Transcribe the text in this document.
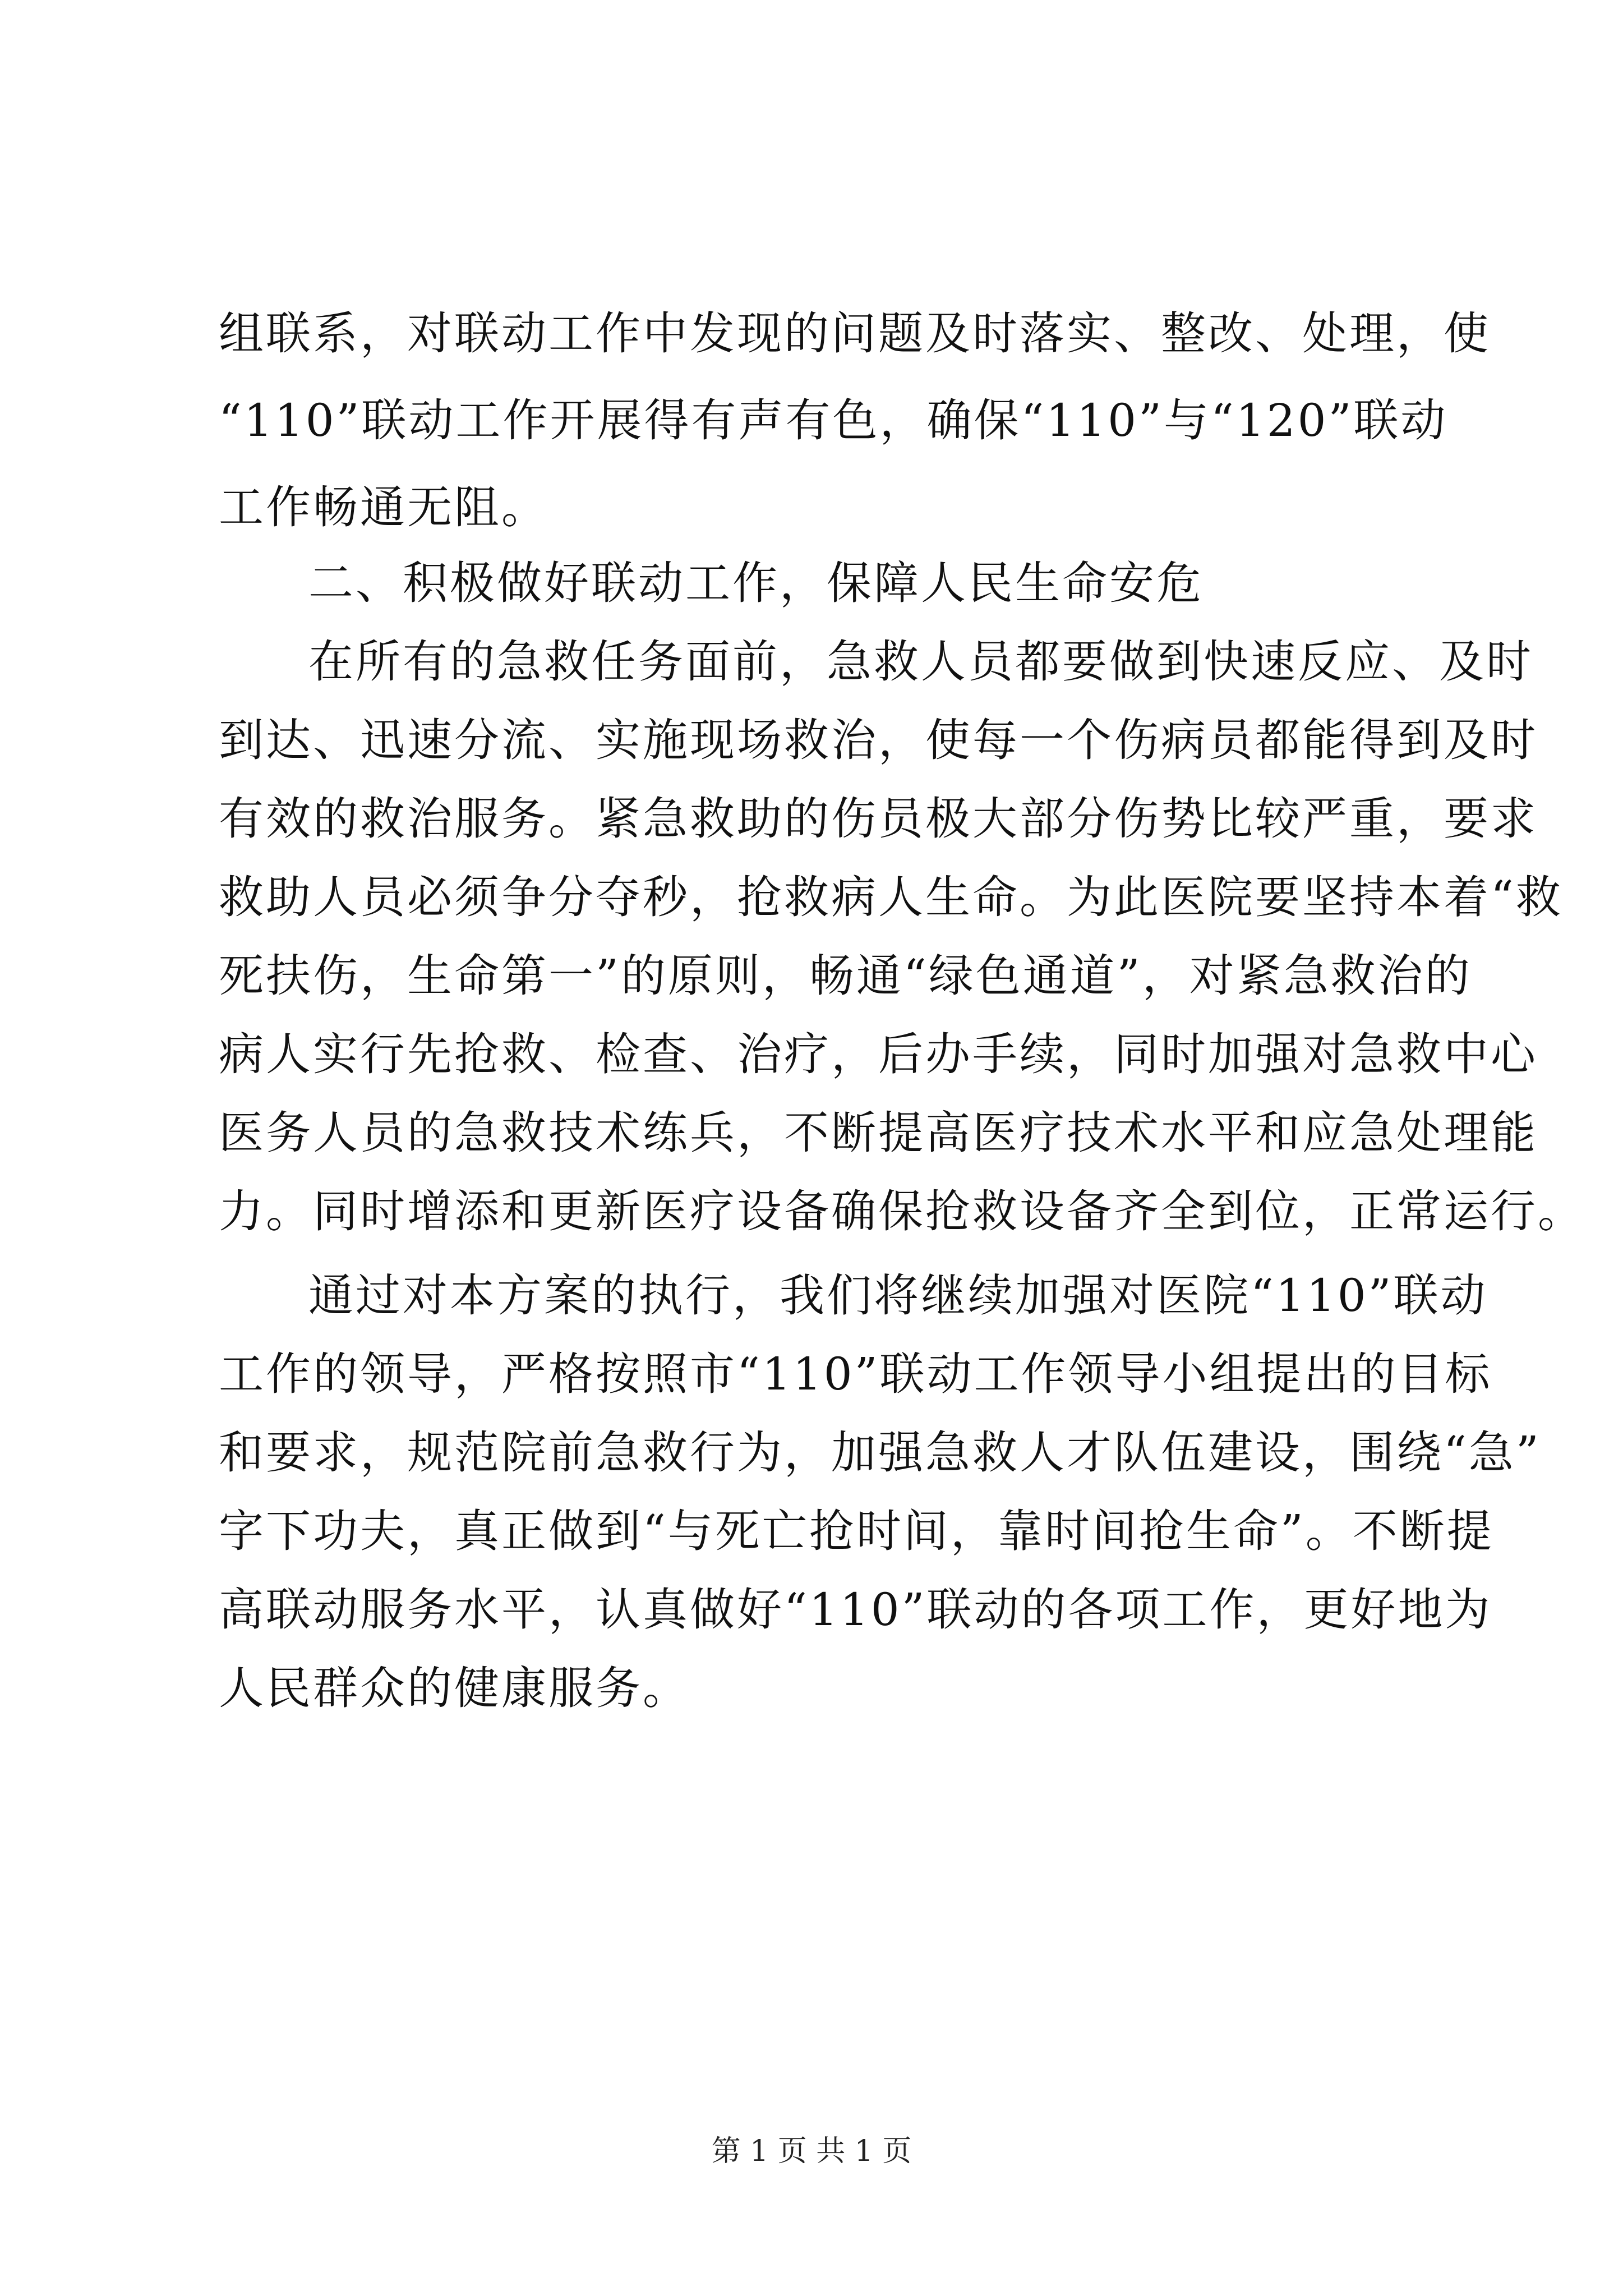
组联系，对联动工作中发现的问题及时落实、整改、处理，使
“110”联动工作开展得有声有色，确保“110”与“120”联动
工作畅通无阻。
二、积极做好联动工作，保障人民生命安危
在所有的急救任务面前，急救人员都要做到快速反应、及时
到达、迅速分流、实施现场救治，使每一个伤病员都能得到及时
有效的救治服务。紧急救助的伤员极大部分伤势比较严重，要求
救助人员必须争分夺秒，抢救病人生命。为此医院要坚持本着“救
死扶伤，生命第一”的原则，畅通“绿色通道”，对紧急救治的
病人实行先抢救、检查、治疗，后办手续，同时加强对急救中心
医务人员的急救技术练兵，不断提高医疗技术水平和应急处理能
力。同时增添和更新医疗设备确保抢救设备齐全到位，正常运行。
通过对本方案的执行，我们将继续加强对医院“110”联动
工作的领导，严格按照市“110”联动工作领导小组提出的目标
和要求，规范院前急救行为，加强急救人才队伍建设，围绕“急”
字下功夫，真正做到“与死亡抢时间，靠时间抢生命”。不断提
高联动服务水平，认真做好“110”联动的各项工作，更好地为
人民群众的健康服务。
第 1 页 共 1 页
